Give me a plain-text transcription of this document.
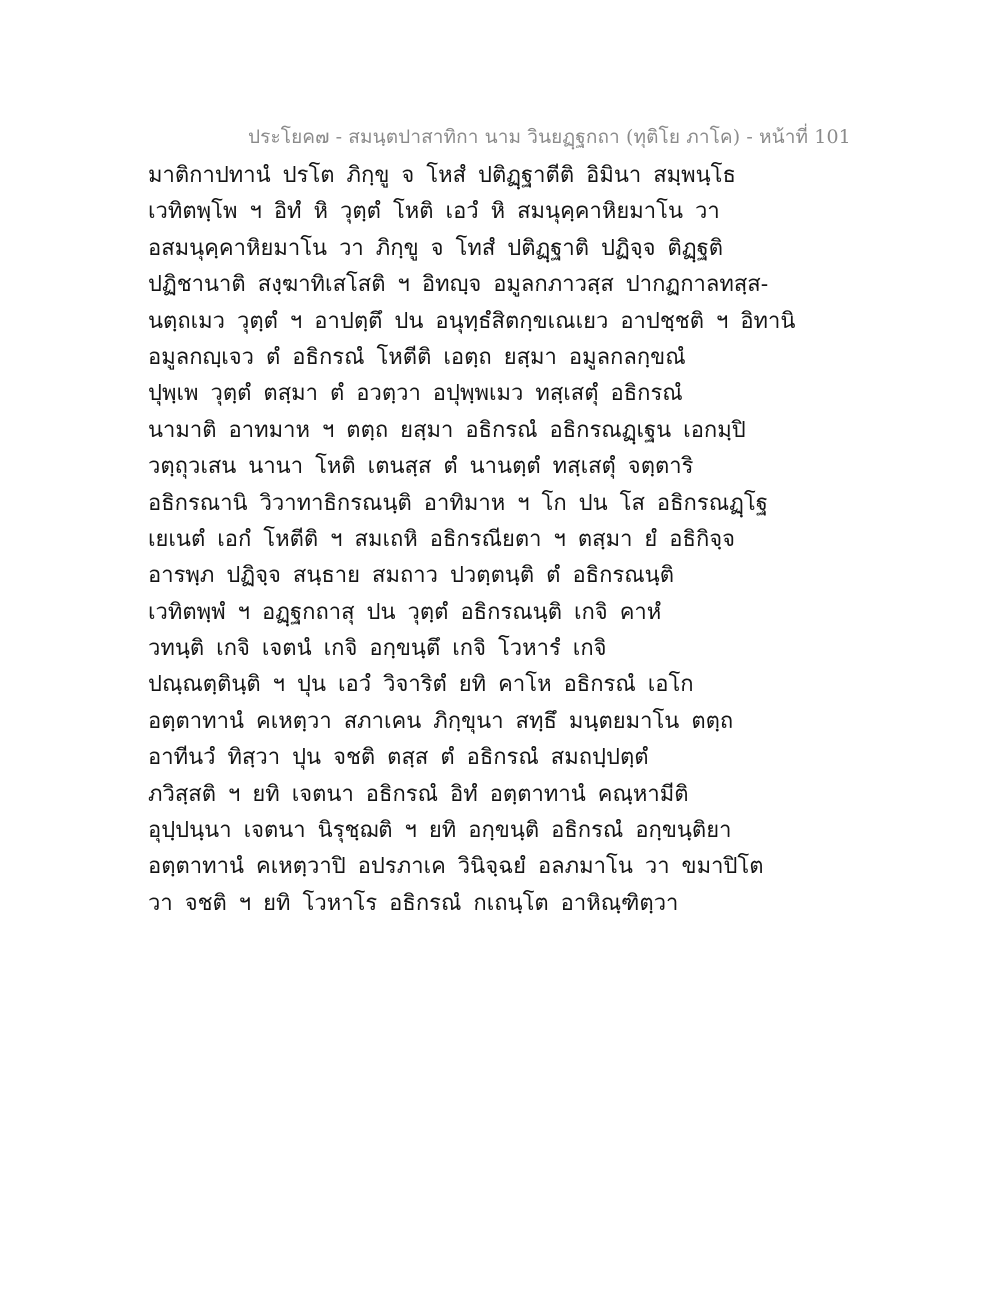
ประโยค๗ - สมนฺตปาสาทิกา นาม วินยฏฺฐกถา (ทุติโย ภาโค) - หน้าที่ 101
มาติกาปทานํ ปรโต ภิกฺขู จ โหสํ ปติฏฺฐาตีติ อิมินา สมฺพนฺโธ
เวทิตพฺโพ ฯ อิทํ หิ วุตฺตํ โหติ เอวํ หิ สมนุคฺคาหิยมาโน วา
อสมนุคฺคาหิยมาโน วา ภิกฺขู จ โทสํ ปติฏฺฐาติ ปฏิจฺจ ติฏฺฐติ
ปฏิชานาติ สงฺฆาทิเสโสติ ฯ อิทญฺจ อมูลกภาวสฺส ปากฏกาลทสฺส-
นตฺถเมว วุตฺตํ ฯ อาปตฺตึ ปน อนุทฺธํสิตกฺขเณเยว อาปชฺชติ ฯ อิทานิ
อมูลกญฺเจว ตํ อธิกรณํ โหตีติ เอตฺถ ยสฺมา อมูลกลกฺขณํ
ปุพฺเพ วุตฺตํ ตสฺมา ตํ อวตฺวา อปุพฺพเมว ทสฺเสตุํ อธิกรณํ
นามาติ อาทมาห ฯ ตตฺถ ยสฺมา อธิกรณํ อธิกรณฏฺเฐน เอกมฺปิ
วตฺถุวเสน นานา โหติ เตนสฺส ตํ นานตฺตํ ทสฺเสตุํ จตฺตาริ
อธิกรณานิ วิวาทาธิกรณนฺติ อาทิมาห ฯ โก ปน โส อธิกรณฏฺโฐ
เยเนตํ เอกํ โหตีติ ฯ สมเถหิ อธิกรณียตา ฯ ตสฺมา ยํ อธิกิจฺจ
อารพฺภ ปฏิจฺจ สนฺธาย สมถาว ปวตฺตนฺติ ตํ อธิกรณนฺติ
เวทิตพฺพํ ฯ อฏฺฐกถาสุ ปน วุตฺตํ อธิกรณนฺติ เกจิ คาหํ
วทนฺติ เกจิ เจตนํ เกจิ อกฺขนฺตึ เกจิ โวหารํ เกจิ
ปณฺณตฺตินฺติ ฯ ปุน เอวํ วิจาริตํ ยทิ คาโห อธิกรณํ เอโก
อตฺตาทานํ คเหตฺวา สภาเคน ภิกฺขุนา สทฺธึ มนฺตยมาโน ตตฺถ
อาทีนวํ ทิสฺวา ปุน จชติ ตสฺส ตํ อธิกรณํ สมถปฺปตฺตํ
ภวิสฺสติ ฯ ยทิ เจตนา อธิกรณํ อิทํ อตฺตาทานํ คณฺหามีติ
อุปฺปนฺนา เจตนา นิรุชฺฌติ ฯ ยทิ อกฺขนฺติ อธิกรณํ อกฺขนฺติยา
อตฺตาทานํ คเหตฺวาปิ อปรภาเค วินิจฺฉยํ อลภมาโน วา ขมาปิโต
วา จชติ ฯ ยทิ โวหาโร อธิกรณํ กเถนฺโต อาหิณฺฑิตฺวา
